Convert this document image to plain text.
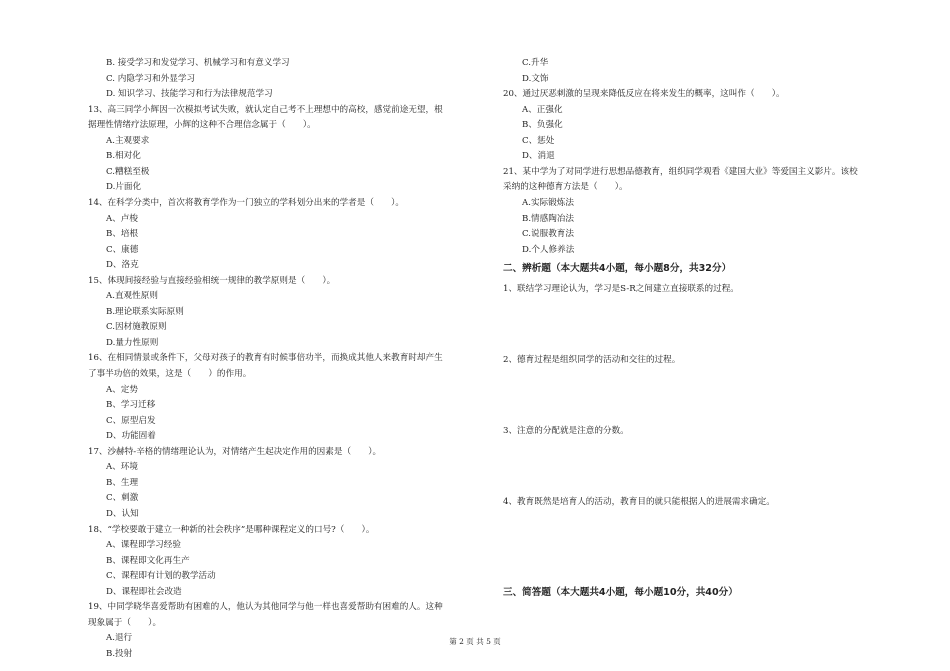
B. 接受学习和发觉学习、机械学习和有意义学习
C. 内隐学习和外显学习
D. 知识学习、技能学习和行为法律规范学习
13、高三同学小辉因一次模拟考试失败，就认定自己考不上理想中的高校，感觉前途无望，根
据理性情绪疗法原理，小辉的这种不合理信念属于（　　）。
A.主观要求
B.相对化
C.糟糕至极
D.片面化
14、在科学分类中，首次将教育学作为一门独立的学科划分出来的学者是（　　）。
A、卢梭
B、培根
C、康德
D、洛克
15、体现间接经验与直接经验相统一规律的教学原则是（　　）。
A.直观性原则
B.理论联系实际原则
C.因材施教原则
D.量力性原则
16、在相同情景或条件下，父母对孩子的教育有时候事倍功半，而换成其他人来教育时却产生
了事半功倍的效果，这是（　　）的作用。
A、定势
B、学习迁移
C、原型启发
D、功能固着
17、沙赫特-辛格的情绪理论认为，对情绪产生起决定作用的因素是（　　）。
A、环境
B、生理
C、刺激
D、认知
18、“学校要敢于建立一种新的社会秩序”是哪种课程定义的口号?（　　）。
A、课程即学习经验
B、课程即文化再生产
C、课程即有计划的教学活动
D、课程即社会改造
19、中同学晓华喜爱帮助有困难的人，他认为其他同学与他一样也喜爱帮助有困难的人。这种
现象属于（　　）。
A.退行
B.投射
C.升华
D.文饰
20、通过厌恶刺激的呈现来降低反应在将来发生的概率，这叫作（　　）。
A、正强化
B、负强化
C、惩处
D、消退
21、某中学为了对同学进行思想品德教育，组织同学观看《建国大业》等爱国主义影片。该校
采纳的这种德育方法是（　　）。
A.实际锻炼法
B.情感陶冶法
C.说服教育法
D.个人修养法
二、辨析题（本大题共4小题，每小题8分，共32分）
1、联结学习理论认为，学习是S-R之间建立直接联系的过程。
2、德育过程是组织同学的活动和交往的过程。
3、注意的分配就是注意的分数。
4、教育既然是培育人的活动，教育目的就只能根据人的进展需求确定。
三、简答题（本大题共4小题，每小题10分，共40分）
第 2 页 共 5 页
